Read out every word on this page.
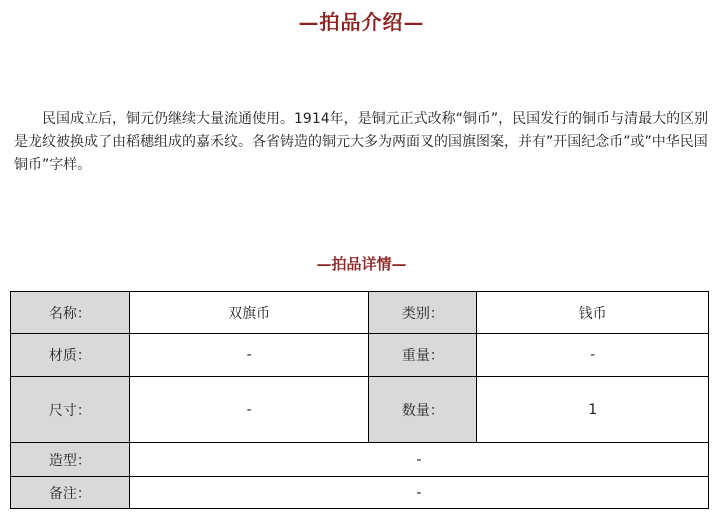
—拍品介绍—

民国成立后，铜元仍继续大量流通使用。1914年，是铜元正式改称“铜币”，民国发行的铜币与清最大的区别是龙纹被换成了由稻穗组成的嘉禾纹。各省铸造的铜元大多为两面叉的国旗图案，并有”开国纪念币”或”中华民国铜币”字样。

—拍品详情—
名称：	双旗币	类别：	钱币
材质：	-	重量：	-
尺寸：	-	数量：	1
造型：	-		
备注：	-		
